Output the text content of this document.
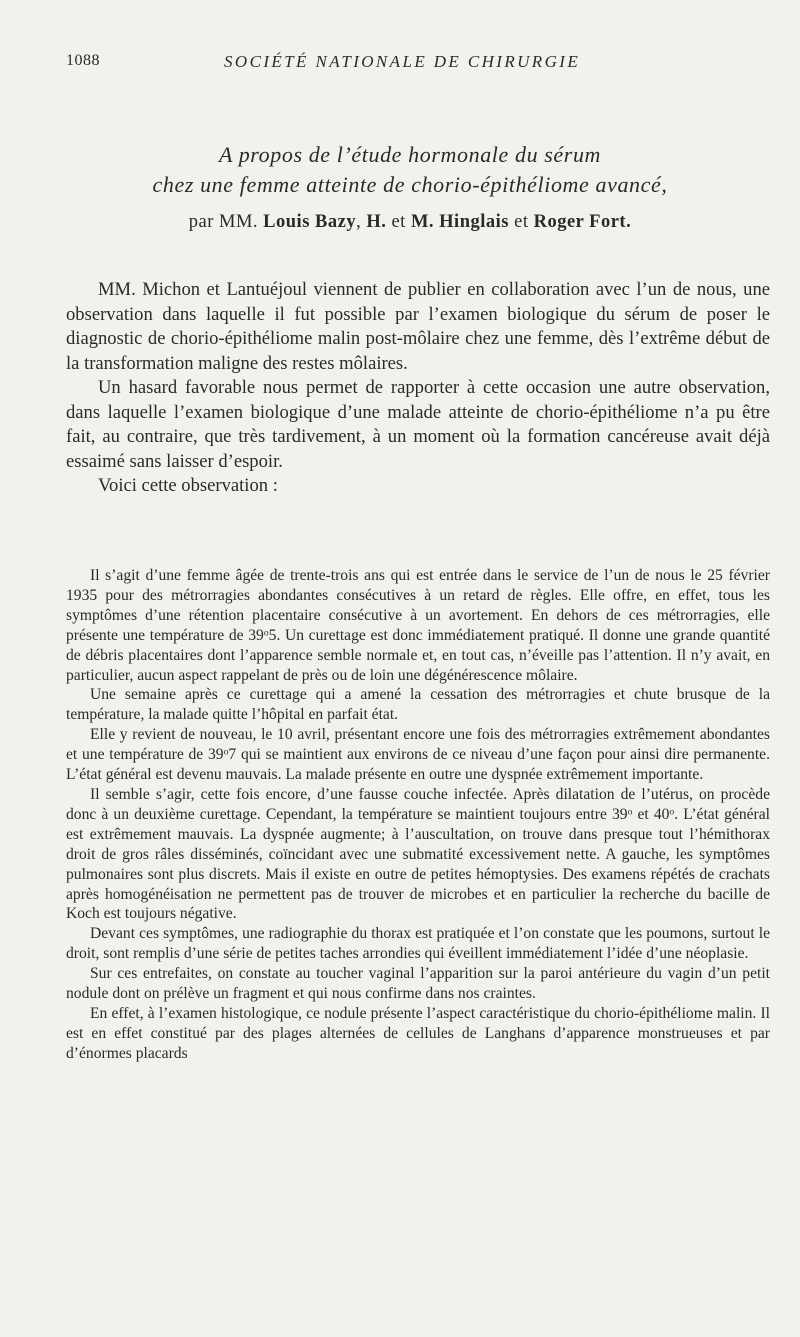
1088	SOCIÉTÉ NATIONALE DE CHIRURGIE
A propos de l’étude hormonale du sérum
chez une femme atteinte de chorio-épithéliome avancé,
par MM. Louis Bazy, H. et M. Hinglais et Roger Fort.

MM. Michon et Lantuéjoul viennent de publier en collaboration avec l’un de nous, une observation dans laquelle il fut possible par l’examen biologique du sérum de poser le diagnostic de chorio-épithéliome malin post-môlaire chez une femme, dès l’extrême début de la transformation maligne des restes môlaires.

Un hasard favorable nous permet de rapporter à cette occasion une autre observation, dans laquelle l’examen biologique d’une malade atteinte de chorio-épithéliome n’a pu être fait, au contraire, que très tardivement, à un moment où la formation cancéreuse avait déjà essaimé sans laisser d’espoir.

Voici cette observation :

Il s’agit d’une femme âgée de trente-trois ans qui est entrée dans le service de l’un de nous le 25 février 1935 pour des métrorragies abondantes consécutives à un retard de règles. Elle offre, en effet, tous les symptômes d’une rétention placentaire consécutive à un avortement. En dehors de ces métrorragies, elle présente une température de 39$^o$5. Un curettage est donc immédiatement pratiqué. Il donne une grande quantité de débris placentaires dont l’apparence semble normale et, en tout cas, n’éveille pas l’attention. Il n’y avait, en particulier, aucun aspect rappelant de près ou de loin une dégénérescence môlaire.

Une semaine après ce curettage qui a amené la cessation des métrorragies et chute brusque de la température, la malade quitte l’hôpital en parfait état.

Elle y revient de nouveau, le 10 avril, présentant encore une fois des métrorragies extrêmement abondantes et une température de 39$^o$7 qui se maintient aux environs de ce niveau d’une façon pour ainsi dire permanente. L’état général est devenu mauvais. La malade présente en outre une dyspnée extrêmement importante.

Il semble s’agir, cette fois encore, d’une fausse couche infectée. Après dilatation de l’utérus, on procède donc à un deuxième curettage. Cependant, la température se maintient toujours entre 39$^o$ et 40$^o$. L’état général est extrêmement mauvais. La dyspnée augmente; à l’auscultation, on trouve dans presque tout l’hémithorax droit de gros râles disséminés, coïncidant avec une submatité excessivement nette. A gauche, les symptômes pulmonaires sont plus discrets. Mais il existe en outre de petites hémoptysies. Des examens répétés de crachats après homogénéisation ne permettent pas de trouver de microbes et en particulier la recherche du bacille de Koch est toujours négative.

Devant ces symptômes, une radiographie du thorax est pratiquée et l’on constate que les poumons, surtout le droit, sont remplis d’une série de petites taches arrondies qui éveillent immédiatement l’idée d’une néoplasie.

Sur ces entrefaites, on constate au toucher vaginal l’apparition sur la paroi antérieure du vagin d’un petit nodule dont on prélève un fragment et qui nous confirme dans nos craintes.

En effet, à l’examen histologique, ce nodule présente l’aspect caractéristique du chorio-épithéliome malin. Il est en effet constitué par des plages alternées de cellules de Langhans d’apparence monstrueuses et par d’énormes placards
